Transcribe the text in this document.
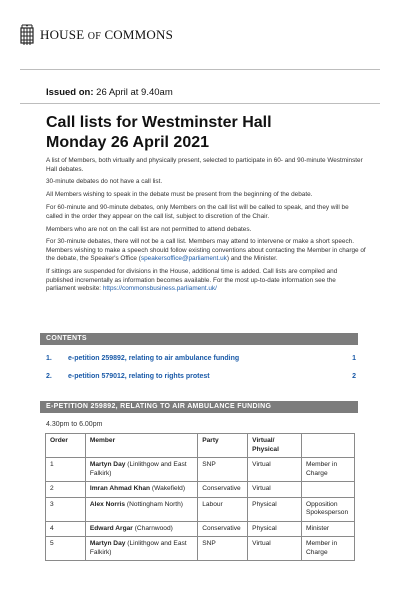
HOUSE OF COMMONS
Issued on: 26 April at 9.40am
Call lists for Westminster Hall
Monday 26 April 2021

A list of Members, both virtually and physically present, selected to participate in 60- and 90-minute Westminster Hall debates.

30-minute debates do not have a call list.

All Members wishing to speak in the debate must be present from the beginning of the debate.

For 60-minute and 90-minute debates, only Members on the call list will be called to speak, and they will be called in the order they appear on the call list, subject to discretion of the Chair.

Members who are not on the call list are not permitted to attend debates.

For 30-minute debates, there will not be a call list. Members may attend to intervene or make a short speech. Members wishing to make a speech should follow existing conventions about contacting the Member in charge of the debate, the Speaker's Office (speakersoffice@parliament.uk) and the Minister.

If sittings are suspended for divisions in the House, additional time is added. Call lists are compiled and published incrementally as information becomes available. For the most up-to-date information see the parliament website: https://commonsbusiness.parliament.uk/

CONTENTS
1. e-petition 259892, relating to air ambulance funding	1
2. e-petition 579012, relating to rights protest	2
E-PETITION 259892, RELATING TO AIR AMBULANCE FUNDING
4.30pm to 6.00pm
Order	Member	Party	Virtual/ Physical	
1	Martyn Day (Linlithgow and East Falkirk)	SNP	Virtual	Member in Charge
2	Imran Ahmad Khan (Wakefield)	Conservative	Virtual	
3	Alex Norris (Nottingham North)	Labour	Physical	Opposition Spokesperson
4	Edward Argar (Charnwood)	Conservative	Physical	Minister
5	Martyn Day (Linlithgow and East Falkirk)	SNP	Virtual	Member in Charge
